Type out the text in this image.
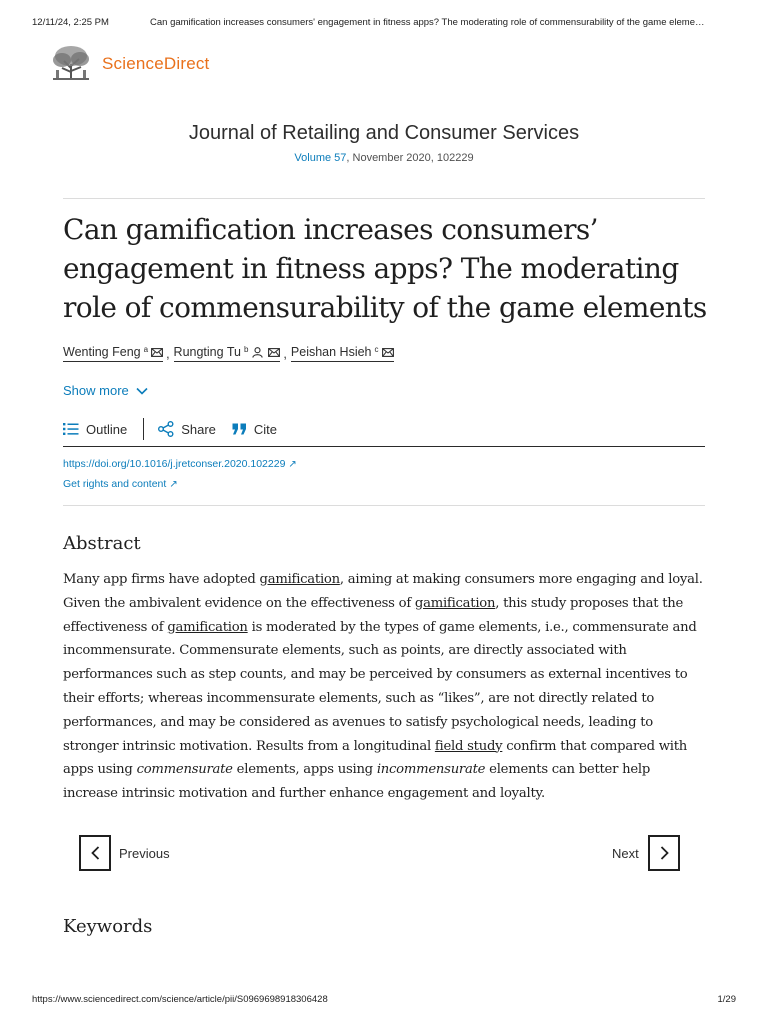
12/11/24, 2:25 PM	Can gamification increases consumers' engagement in fitness apps? The moderating role of commensurability of the game eleme…
ScienceDirect
Journal of Retailing and Consumer Services
Volume 57, November 2020, 102229
Can gamification increases consumers’ engagement in fitness apps? The moderating role of commensurability of the game elements
Wenting Feng $^a$ , Rungting Tu $^b$	, Peishan Hsieh $^c$
Show more
Outline	Share	Cite
https://doi.org/10.1016/j.jretconser.2020.102229 ↗
Get rights and content ↗
Abstract
Many app firms have adopted gamification, aiming at making consumers more engaging and loyal. Given the ambivalent evidence on the effectiveness of gamification, this study proposes that the effectiveness of gamification is moderated by the types of game elements, i.e., commensurate and incommensurate. Commensurate elements, such as points, are directly associated with performances such as step counts, and may be perceived by consumers as external incentives to their efforts; whereas incommensurate elements, such as “likes”, are not directly related to performances, and may be considered as avenues to satisfy psychological needs, leading to stronger intrinsic motivation. Results from a longitudinal field study confirm that compared with apps using commensurate elements, apps using incommensurate elements can better help increase intrinsic motivation and further enhance engagement and loyalty.
Previous	Next
Keywords
https://www.sciencedirect.com/science/article/pii/S0969698918306428	1/29
